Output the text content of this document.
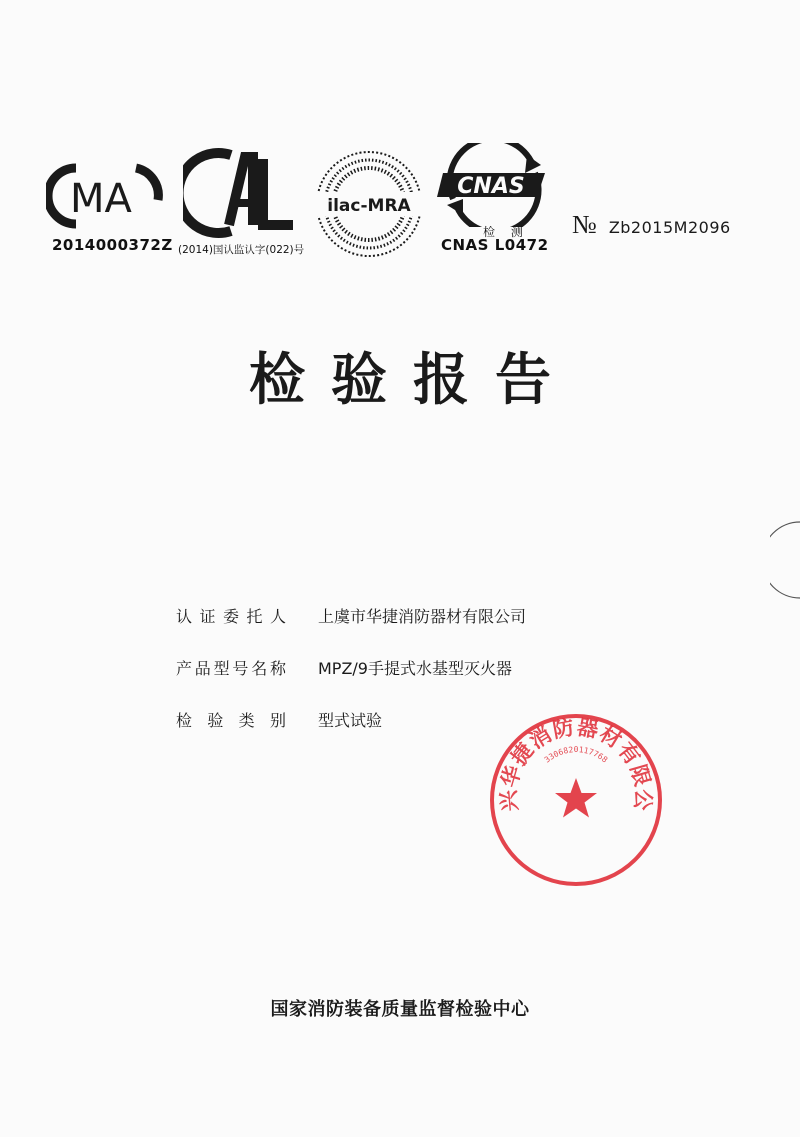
MA
2014000372Z (2014)国认监认字(022)号
ilac-MRA
CNAS
检 测
CNAS L0472
№ Zb2015M2096
检验报告
认 证 委 托 人 上虞市华捷消防器材有限公司
产 品 型 号 名 称 MPZ/9手提式水基型灭火器
检 验 类 别 型式试验
兴华捷消防器材有限公
3306820117768
国家消防装备质量监督检验中心
